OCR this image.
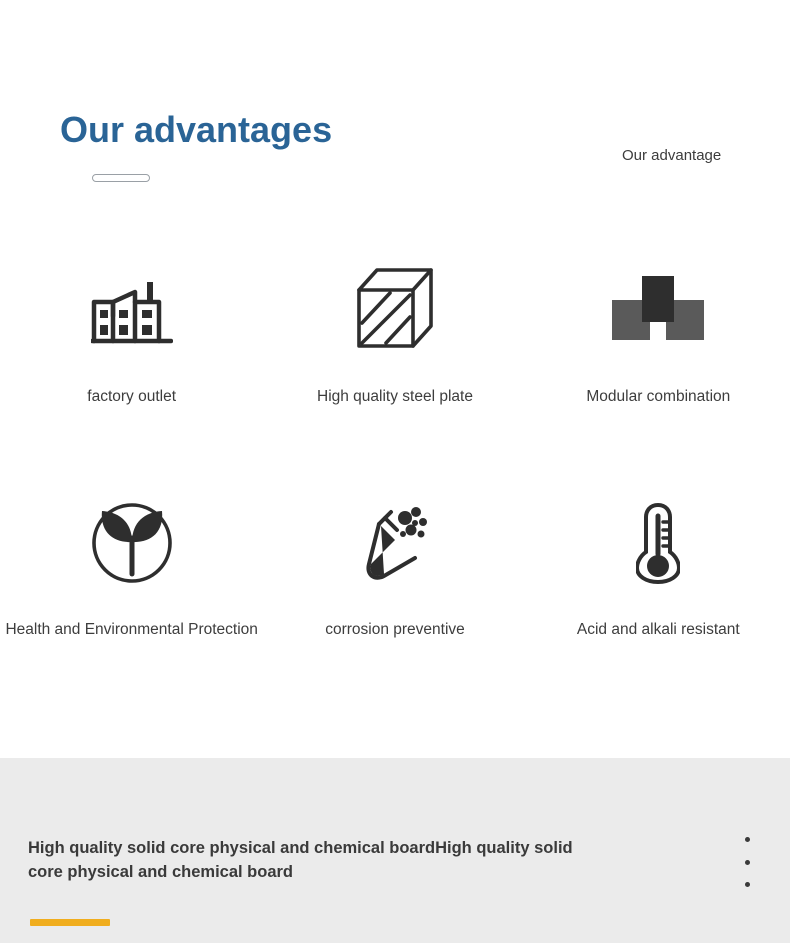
Our advantages
Our advantage
factory outlet	High quality steel plate	Modular combination
Health and Environmental Protection	corrosion preventive	Acid and alkali resistant
High quality solid core physical and chemical boardHigh quality solid core physical and chemical board
